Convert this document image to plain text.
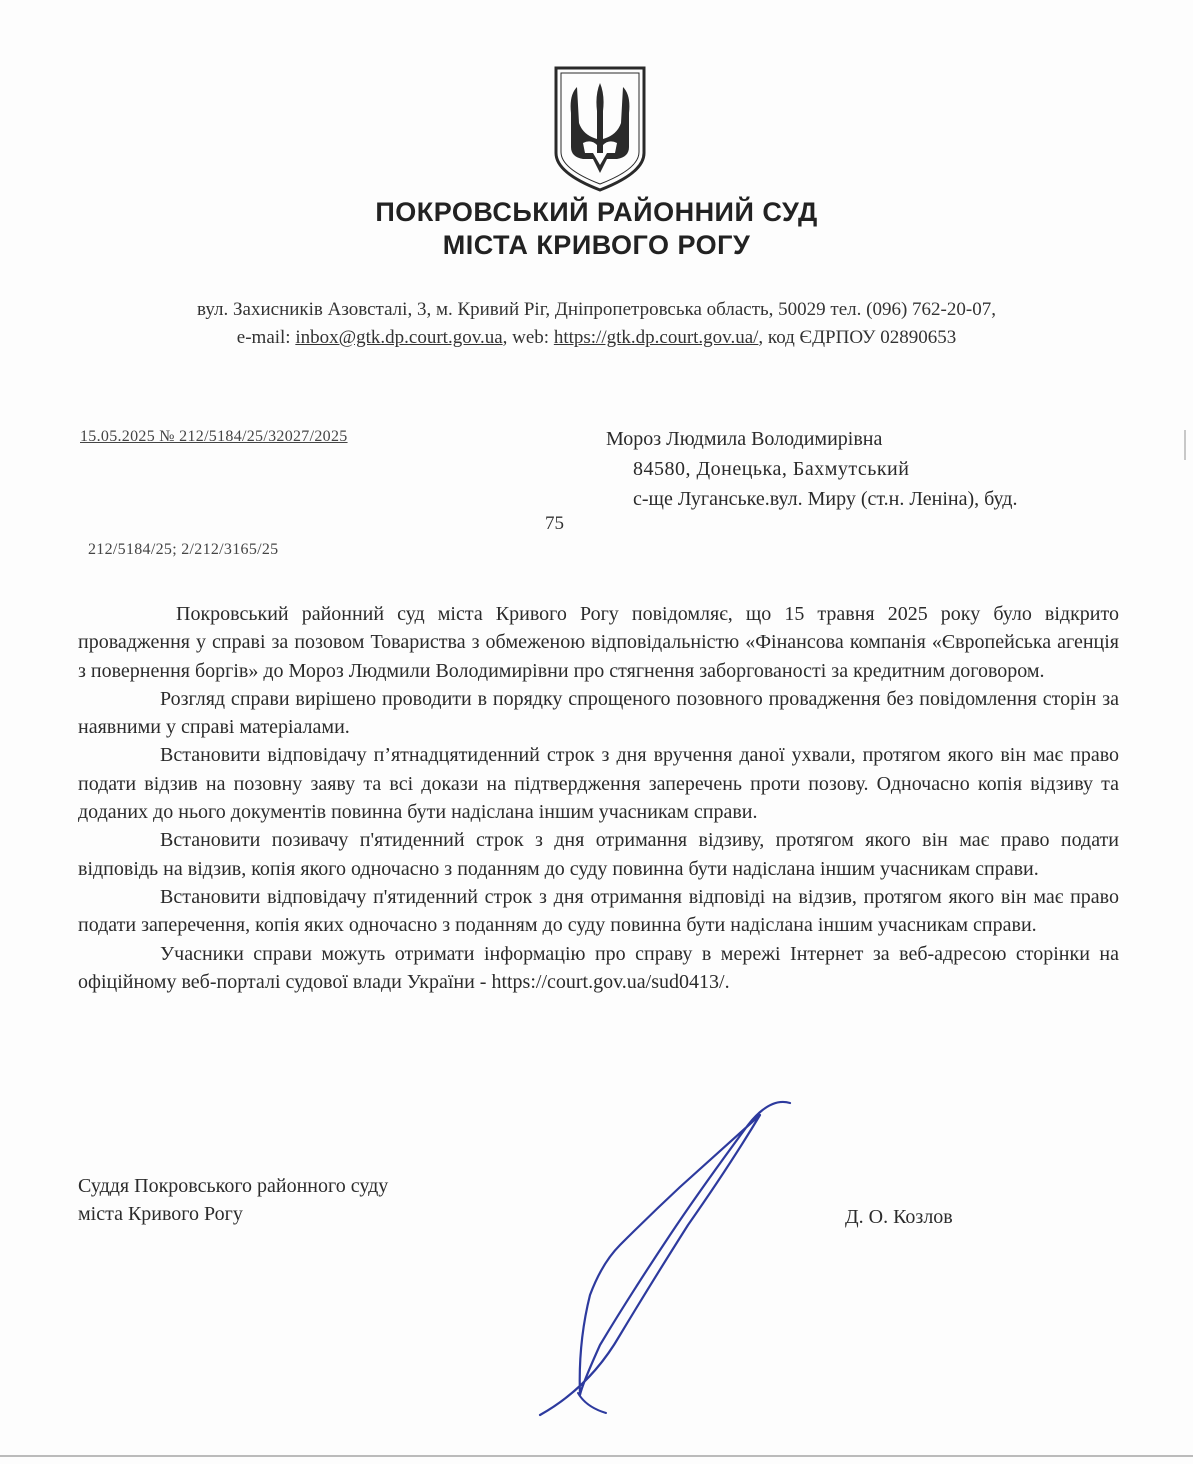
ПОКРОВСЬКИЙ РАЙОННИЙ СУД
МІСТА КРИВОГО РОГУ
вул. Захисників Азовсталі, 3, м. Кривий Ріг, Дніпропетровська область, 50029 тел. (096) 762-20-07,
e-mail: inbox@gtk.dp.court.gov.ua, web: https://gtk.dp.court.gov.ua/, код ЄДРПОУ 02890653
15.05.2025 № 212/5184/25/32027/2025
75
212/5184/25; 2/212/3165/25
Мороз Людмила Володимирівна
84580, Донецька, Бахмутський
с-ще Луганське.вул. Миру (ст.н. Леніна), буд.

Покровський районний суд міста Кривого Рогу повідомляє, що 15 травня 2025 року було відкрито провадження у справі за позовом Товариства з обмеженою відповідальністю «Фінансова компанія «Європейська агенція з повернення боргів» до Мороз Людмили Володимирівни про стягнення заборгованості за кредитним договором.

Розгляд справи вирішено проводити в порядку спрощеного позовного провадження без повідомлення сторін за наявними у справі матеріалами.

Встановити відповідачу п’ятнадцятиденний строк з дня вручення даної ухвали, протягом якого він має право подати відзив на позовну заяву та всі докази на підтвердження заперечень проти позову. Одночасно копія відзиву та доданих до нього документів повинна бути надіслана іншим учасникам справи.

Встановити позивачу п'ятиденний строк з дня отримання відзиву, протягом якого він має право подати відповідь на відзив, копія якого одночасно з поданням до суду повинна бути надіслана іншим учасникам справи.

Встановити відповідачу п'ятиденний строк з дня отримання відповіді на відзив, протягом якого він має право подати заперечення, копія яких одночасно з поданням до суду повинна бути надіслана іншим учасникам справи.

Учасники справи можуть отримати інформацію про справу в мережі Інтернет за веб-адресою сторінки на офіційному веб-порталі судової влади України - https://court.gov.ua/sud0413/.

Суддя Покровського районного суду
міста Кривого Рогу	Д. О. Козлов
